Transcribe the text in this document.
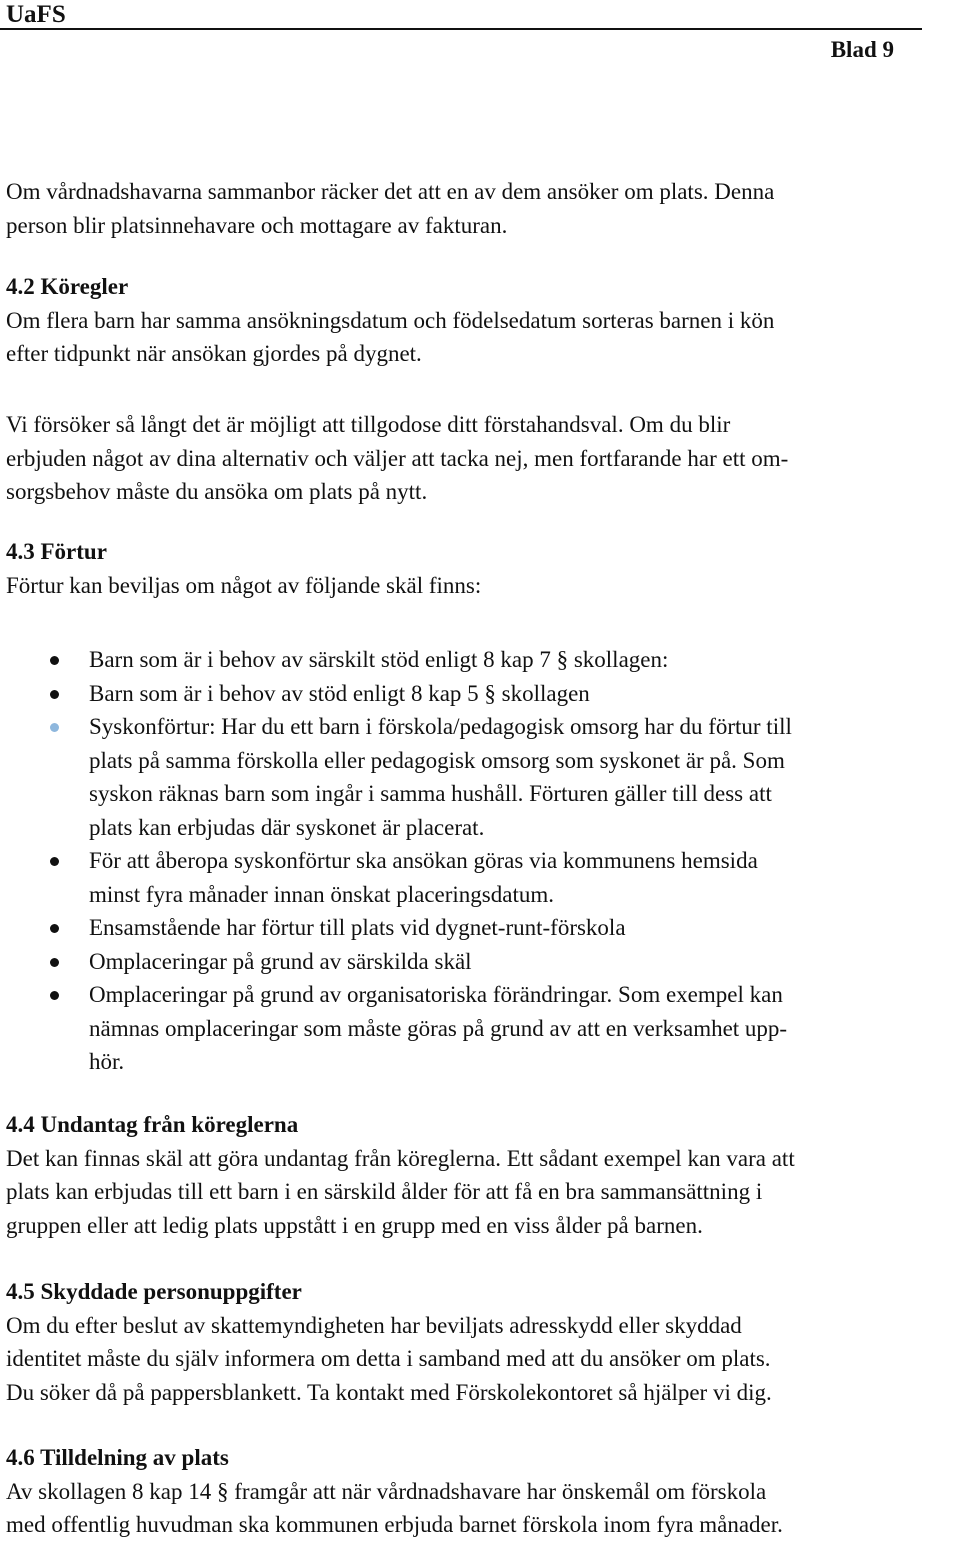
UaFS
Blad 9

Om vårdnadshavarna sammanbor räcker det att en av dem ansöker om plats. Denna

person blir platsinnehavare och mottagare av fakturan.

4.2 Köregler

Om flera barn har samma ansökningsdatum och födelsedatum sorteras barnen i kön

efter tidpunkt när ansökan gjordes på dygnet.

Vi försöker så långt det är möjligt att tillgodose ditt förstahandsval. Om du blir

erbjuden något av dina alternativ och väljer att tacka nej, men fortfarande har ett om-

sorgsbehov måste du ansöka om plats på nytt.

4.3 Förtur

Förtur kan beviljas om något av följande skäl finns:

Barn som är i behov av särskilt stöd enligt 8 kap 7 § skollagen:
Barn som är i behov av stöd enligt 8 kap 5 § skollagen
Syskonförtur: Har du ett barn i förskola/pedagogisk omsorg har du förtur till
plats på samma förskolla eller pedagogisk omsorg som syskonet är på. Som
syskon räknas barn som ingår i samma hushåll. Förturen gäller till dess att
plats kan erbjudas där syskonet är placerat.
För att åberopa syskonförtur ska ansökan göras via kommunens hemsida
minst fyra månader innan önskat placeringsdatum.
Ensamstående har förtur till plats vid dygnet-runt-förskola
Omplaceringar på grund av särskilda skäl
Omplaceringar på grund av organisatoriska förändringar. Som exempel kan
nämnas omplaceringar som måste göras på grund av att en verksamhet upp-
hör.

4.4 Undantag från köreglerna

Det kan finnas skäl att göra undantag från köreglerna. Ett sådant exempel kan vara att

plats kan erbjudas till ett barn i en särskild ålder för att få en bra sammansättning i

gruppen eller att ledig plats uppstått i en grupp med en viss ålder på barnen.

4.5 Skyddade personuppgifter

Om du efter beslut av skattemyndigheten har beviljats adresskydd eller skyddad

identitet måste du själv informera om detta i samband med att du ansöker om plats.

Du söker då på pappersblankett. Ta kontakt med Förskolekontoret så hjälper vi dig.

4.6 Tilldelning av plats

Av skollagen 8 kap 14 § framgår att när vårdnadshavare har önskemål om förskola

med offentlig huvudman ska kommunen erbjuda barnet förskola inom fyra månader.
